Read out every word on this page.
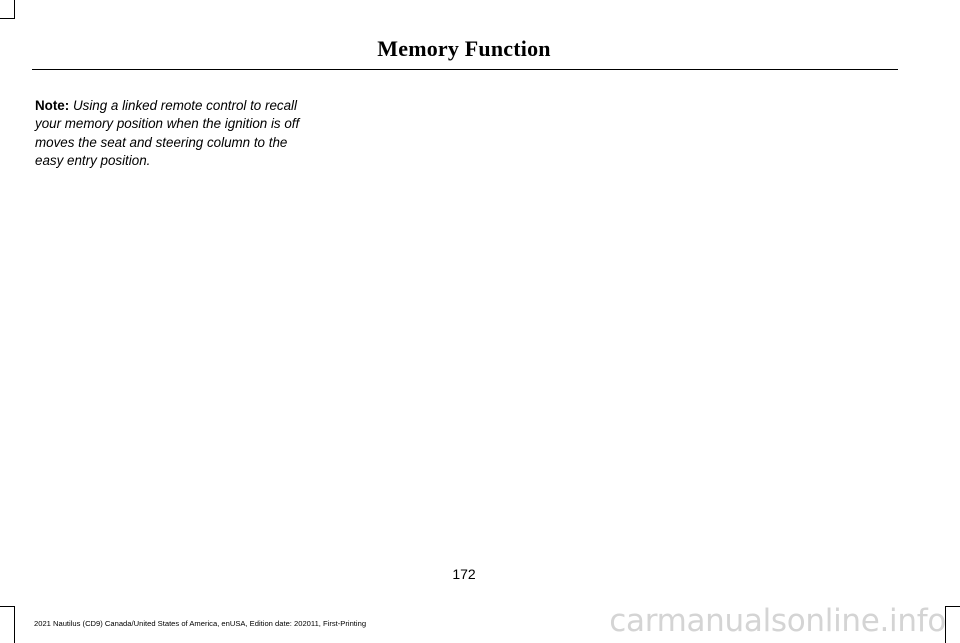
Memory Function
Note: Using a linked remote control to recall your memory position when the ignition is off moves the seat and steering column to the easy entry position.
172
2021 Nautilus (CD9) Canada/United States of America, enUSA, Edition date: 202011, First-Printing	carmanualsonline.info
